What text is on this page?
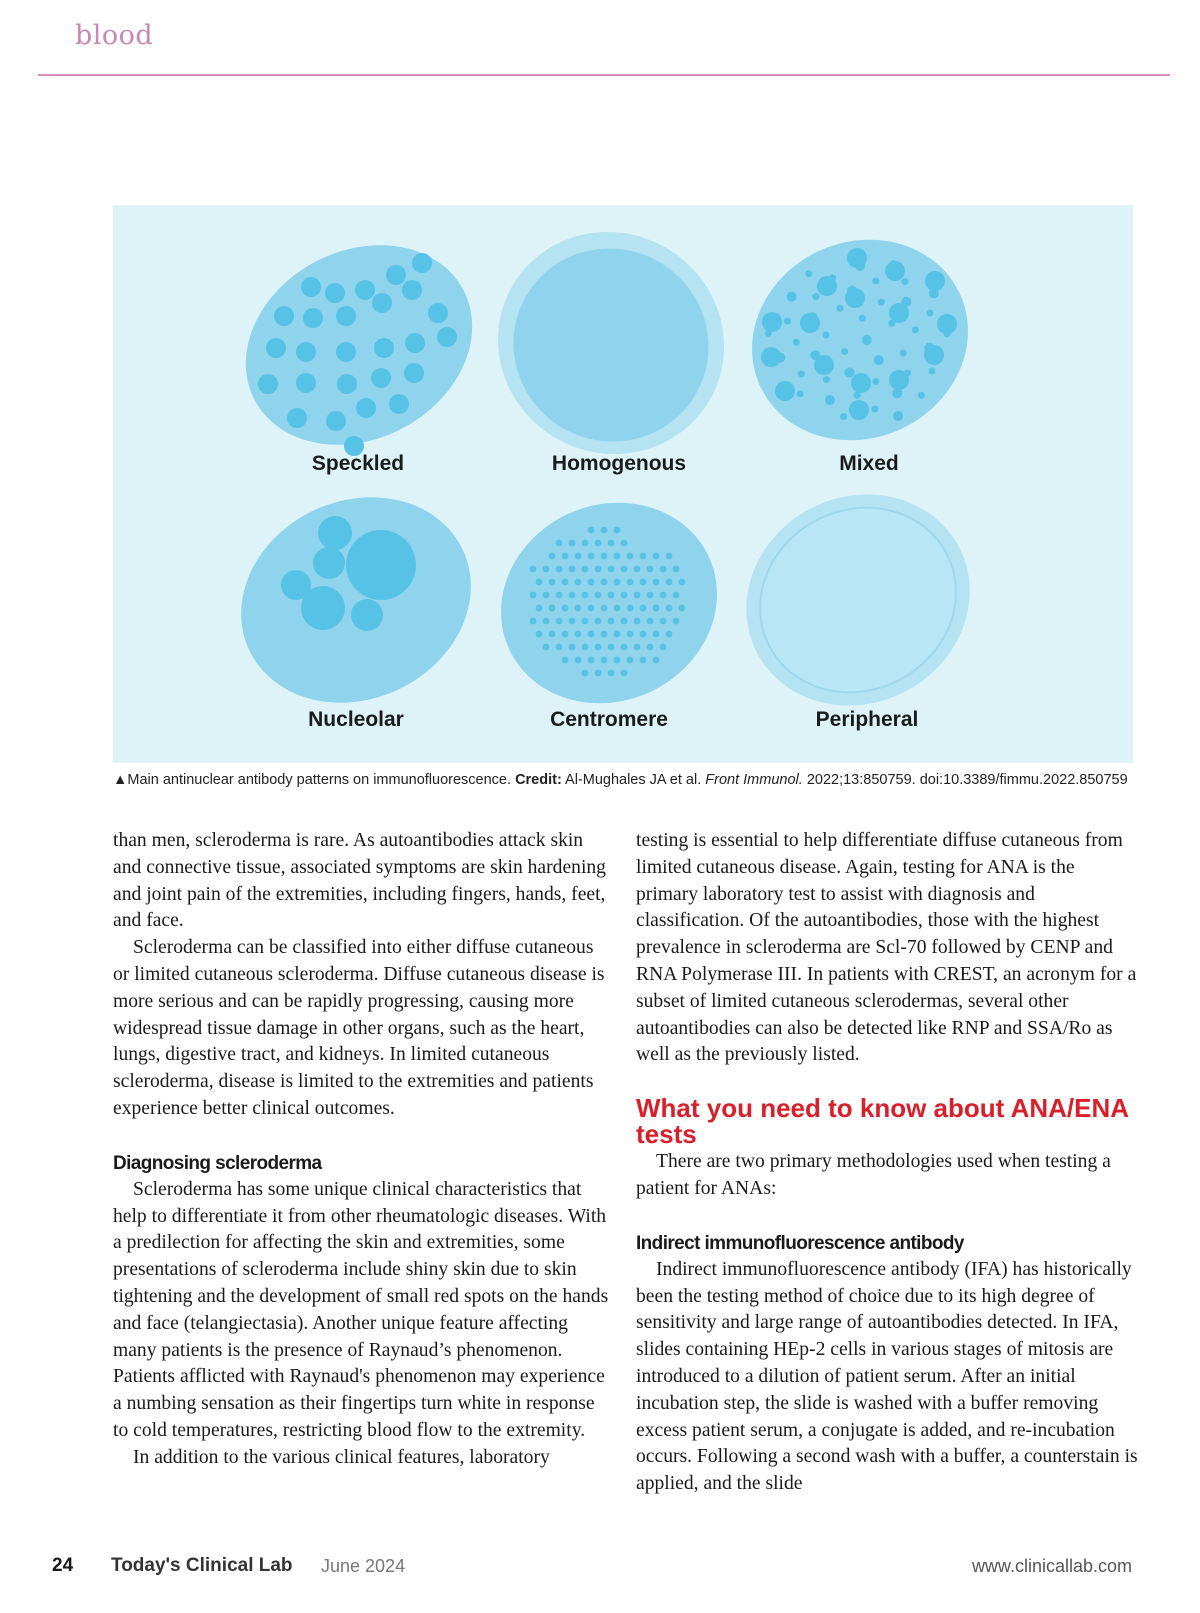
blood
Speckled	Homogenous	Mixed
Nucleolar	Centromere	Peripheral
▲Main antinuclear antibody patterns on immunofluorescence. Credit: Al-Mughales JA et al. Front Immunol. 2022;13:850759. doi:10.3389/fimmu.2022.850759

than men, scleroderma is rare. As autoantibodies attack skin and connective tissue, associated symptoms are skin hardening and joint pain of the extremities, including fingers, hands, feet, and face.

Scleroderma can be classified into either diffuse cutaneous or limited cutaneous scleroderma. Diffuse cutaneous disease is more serious and can be rapidly progressing, causing more widespread tissue damage in other organs, such as the heart, lungs, digestive tract, and kidneys. In limited cutaneous scleroderma, disease is limited to the extremities and patients experience better clinical outcomes.

Diagnosing scleroderma

Scleroderma has some unique clinical characteristics that help to differentiate it from other rheumatologic diseases. With a predilection for affecting the skin and extremities, some presentations of scleroderma include shiny skin due to skin tightening and the development of small red spots on the hands and face (telangiectasia). Another unique feature affecting many patients is the presence of Raynaud’s phenomenon. Patients afflicted with Raynaud's phenomenon may experience a numbing sensation as their fingertips turn white in response to cold temperatures, restricting blood flow to the extremity.

In addition to the various clinical features, laboratory

testing is essential to help differentiate diffuse cutaneous from limited cutaneous disease. Again, testing for ANA is the primary laboratory test to assist with diagnosis and classification. Of the autoantibodies, those with the highest prevalence in scleroderma are Scl-70 followed by CENP and RNA Polymerase III. In patients with CREST, an acronym for a subset of limited cutaneous sclerodermas, several other autoantibodies can also be detected like RNP and SSA/Ro as well as the previously listed.

What you need to know about ANA/ENA tests

There are two primary methodologies used when testing a patient for ANAs:

Indirect immunofluorescence antibody

Indirect immunofluorescence antibody (IFA) has historically been the testing method of choice due to its high degree of sensitivity and large range of autoantibodies detected. In IFA, slides containing HEp-2 cells in various stages of mitosis are introduced to a dilution of patient serum. After an initial incubation step, the slide is washed with a buffer removing excess patient serum, a conjugate is added, and re-incubation occurs. Following a second wash with a buffer, a counterstain is applied, and the slide

24 Today's Clinical Lab June 2024	www.clinicallab.com
